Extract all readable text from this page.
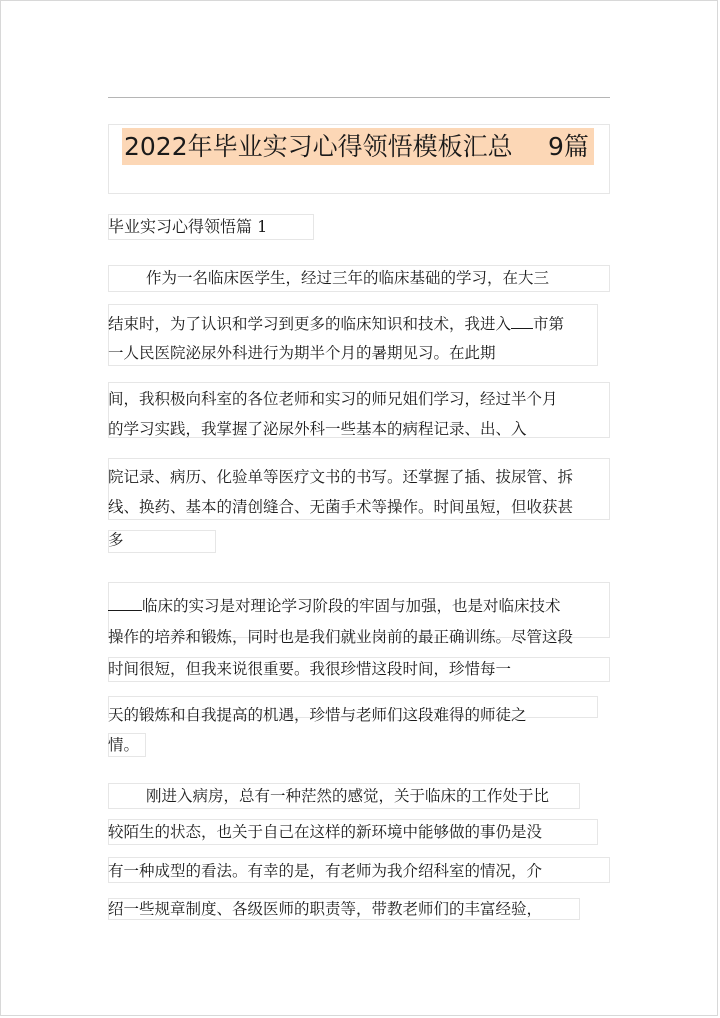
2022年毕业实习心得领悟模板汇总 9篇
毕业实习心得领悟篇 1
作为一名临床医学生，经过三年的临床基础的学习，在大三
结束时，为了认识和学习到更多的临床知识和技术，我进入 市第
一人民医院泌尿外科进行为期半个月的暑期见习。在此期
间，我积极向科室的各位老师和实习的师兄姐们学习，经过半个月
的学习实践，我掌握了泌尿外科一些基本的病程记录、出、入
院记录、病历、化验单等医疗文书的书写。还掌握了插、拔尿管、拆
线、换药、基本的清创缝合、无菌手术等操作。时间虽短，但收获甚
多
临床的实习是对理论学习阶段的牢固与加强，也是对临床技术
操作的培养和锻炼，同时也是我们就业岗前的最正确训练。尽管这段
时间很短，但我来说很重要。我很珍惜这段时间，珍惜每一
天的锻炼和自我提高的机遇，珍惜与老师们这段难得的师徒之
情。
刚进入病房，总有一种茫然的感觉，关于临床的工作处于比
较陌生的状态，也关于自己在这样的新环境中能够做的事仍是没
有一种成型的看法。有幸的是，有老师为我介绍科室的情况，介
绍一些规章制度、各级医师的职责等，带教老师们的丰富经验，
